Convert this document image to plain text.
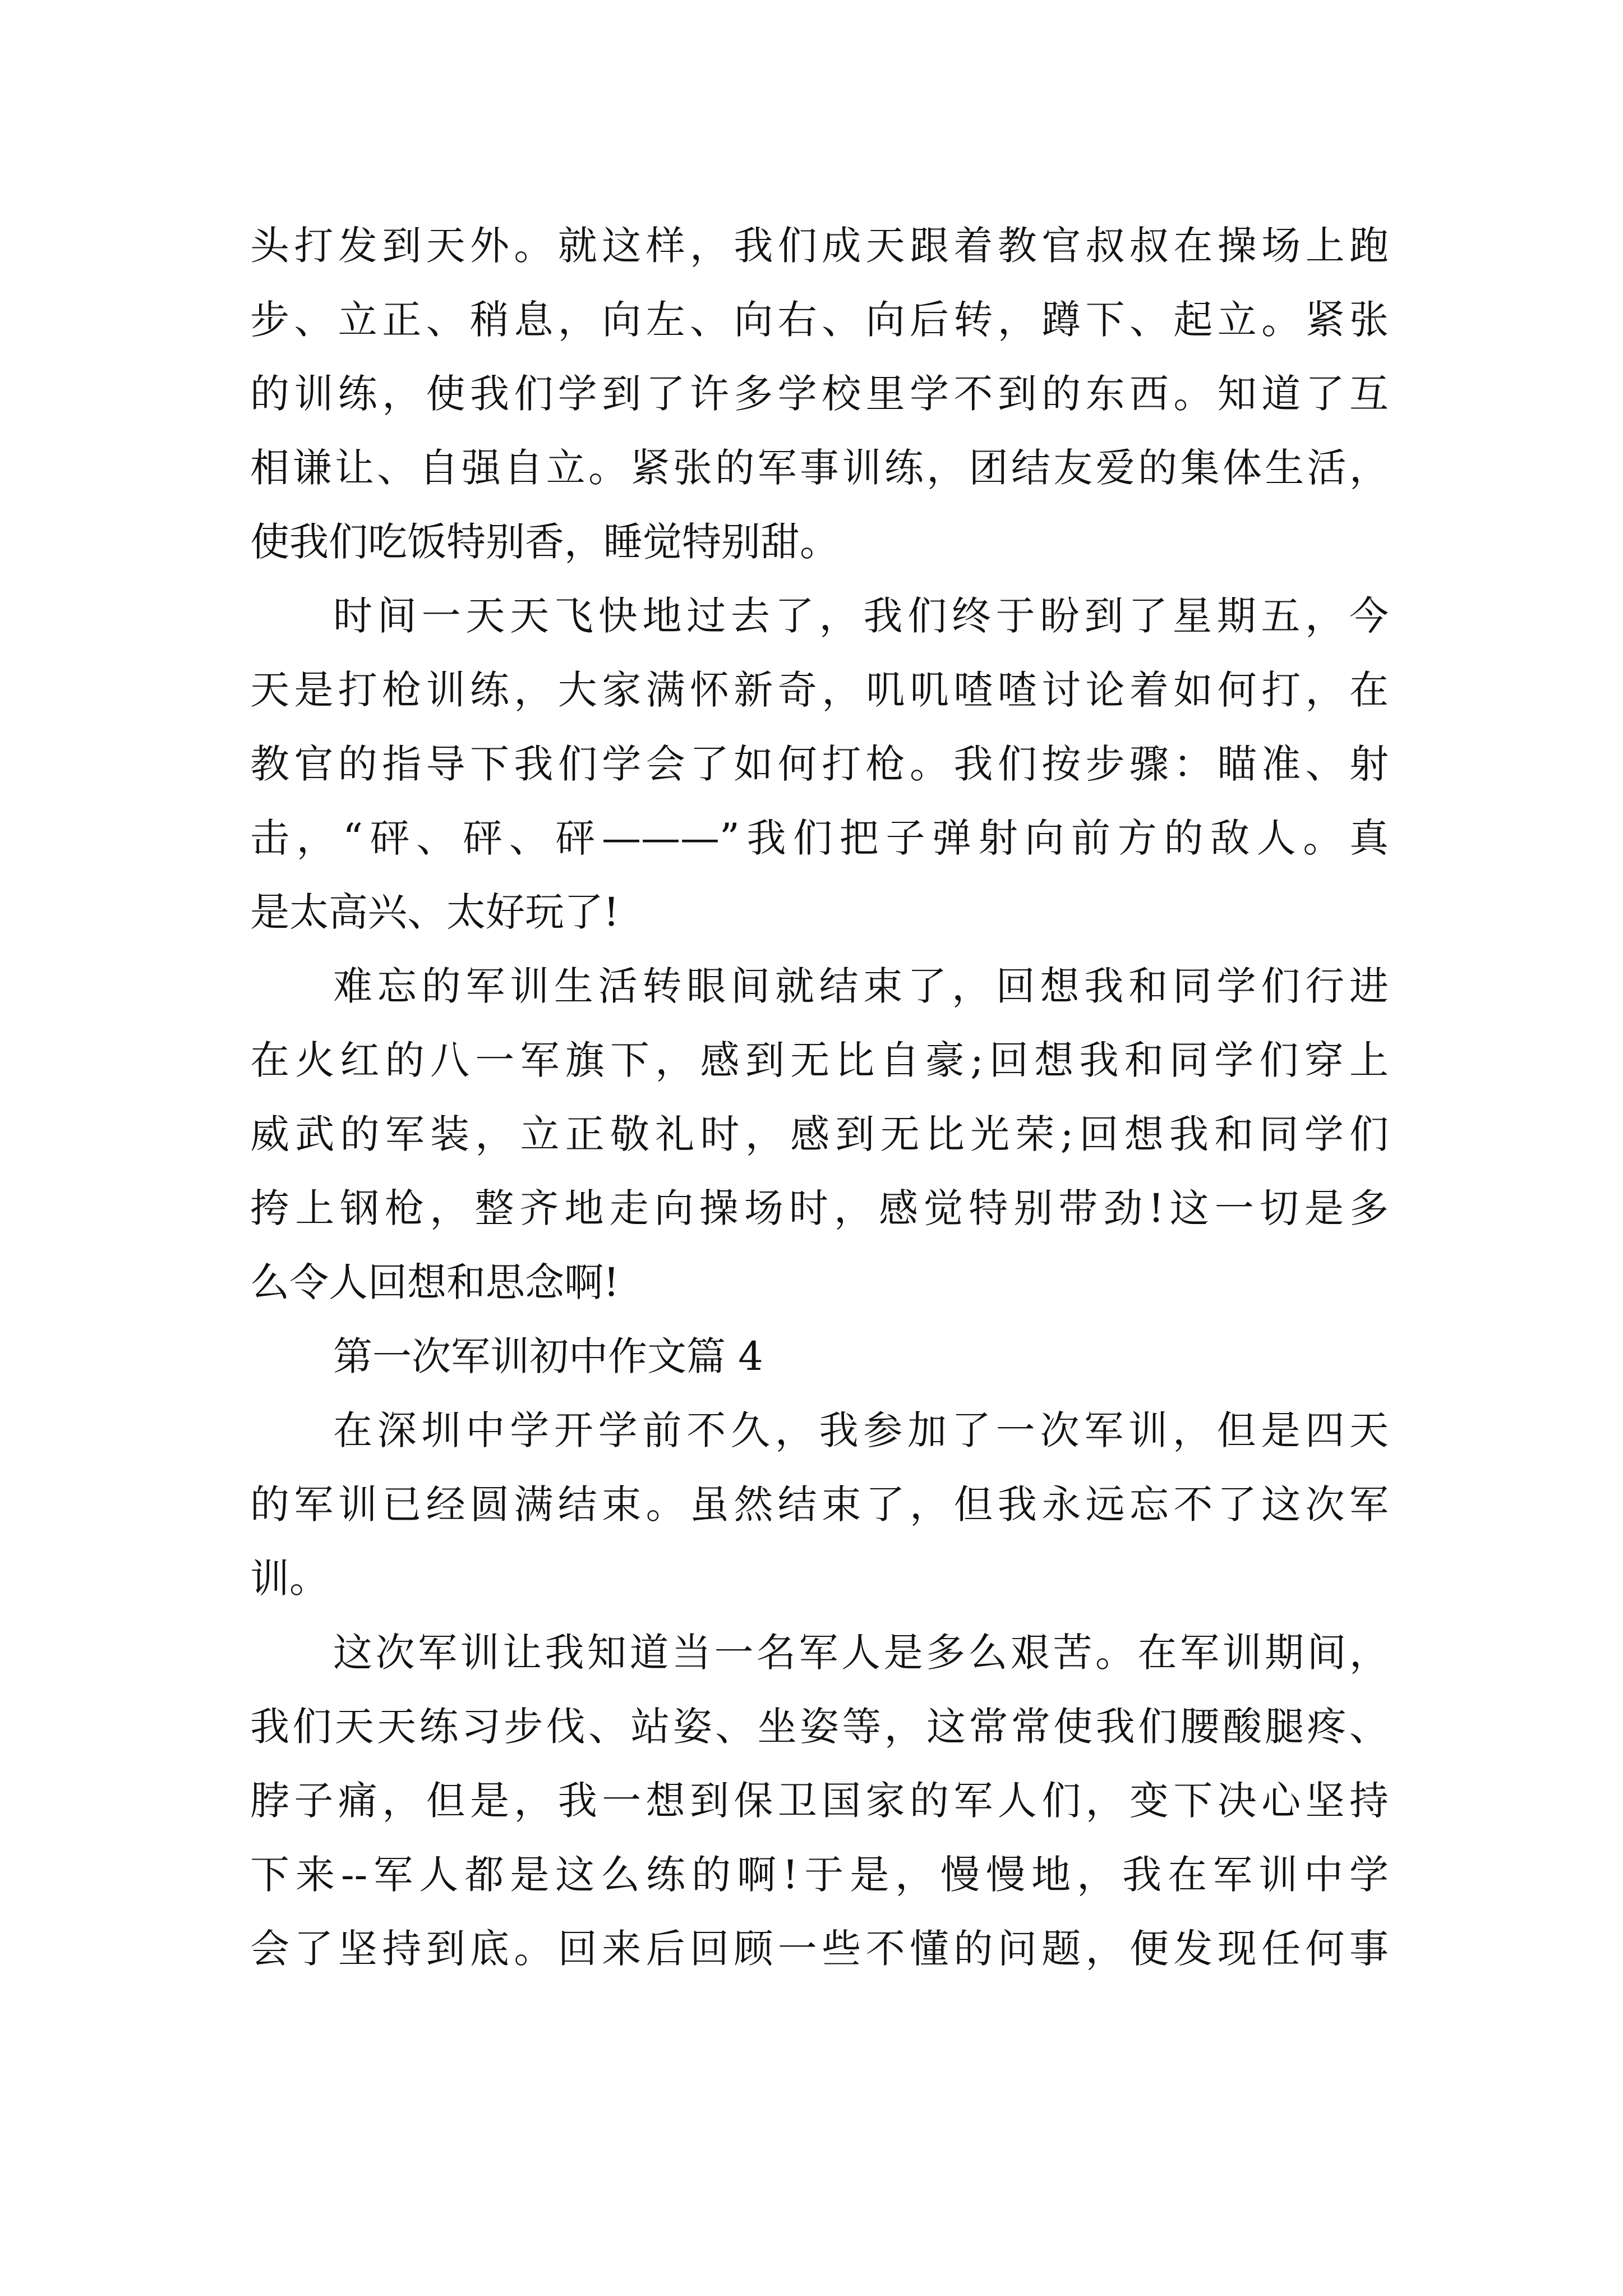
头打发到天外。就这样，我们成天跟着教官叔叔在操场上跑
步、立正、稍息，向左、向右、向后转，蹲下、起立。紧张
的训练，使我们学到了许多学校里学不到的东西。知道了互
相谦让、自强自立。紧张的军事训练，团结友爱的集体生活，
使我们吃饭特别香，睡觉特别甜。
时间一天天飞快地过去了，我们终于盼到了星期五，今
天是打枪训练，大家满怀新奇，叽叽喳喳讨论着如何打，在
教官的指导下我们学会了如何打枪。我们按步骤：瞄准、射
击，“砰、砰、砰———”我们把子弹射向前方的敌人。真
是太高兴、太好玩了!
难忘的军训生活转眼间就结束了，回想我和同学们行进
在火红的八一军旗下，感到无比自豪;回想我和同学们穿上
威武的军装，立正敬礼时，感到无比光荣;回想我和同学们
挎上钢枪，整齐地走向操场时，感觉特别带劲!这一切是多
么令人回想和思念啊!
第一次军训初中作文篇 4
在深圳中学开学前不久，我参加了一次军训，但是四天
的军训已经圆满结束。虽然结束了，但我永远忘不了这次军
训。
这次军训让我知道当一名军人是多么艰苦。在军训期间，
我们天天练习步伐、站姿、坐姿等，这常常使我们腰酸腿疼、
脖子痛，但是，我一想到保卫国家的军人们，变下决心坚持
下来--军人都是这么练的啊!于是，慢慢地，我在军训中学
会了坚持到底。回来后回顾一些不懂的问题，便发现任何事
